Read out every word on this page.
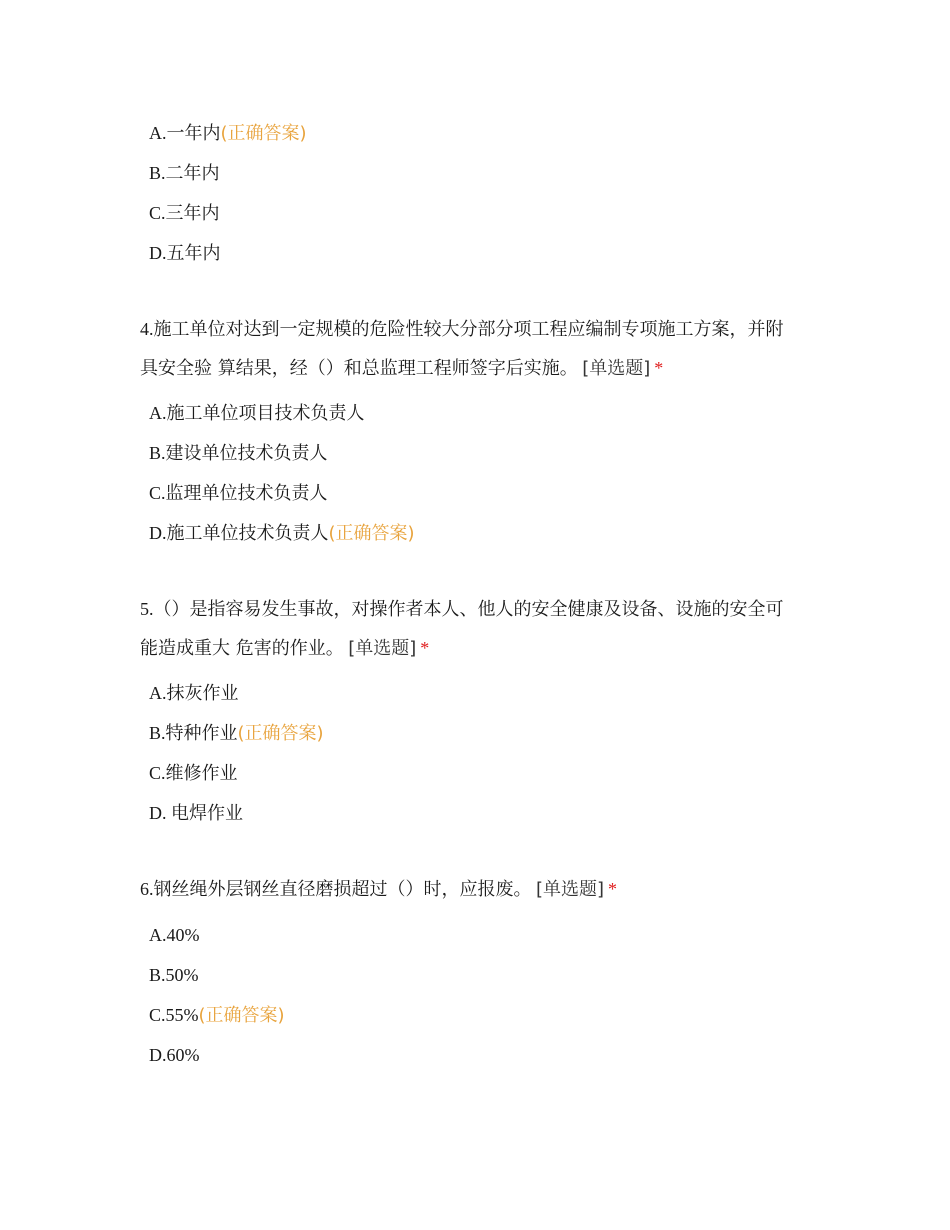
A.一年内(正确答案)
B.二年内
C.三年内
D.五年内
4.施工单位对达到一定规模的危险性较大分部分项工程应编制专项施工方案，并附
具安全验 算结果，经（）和总监理工程师签字后实施。 [单选题] *
A.施工单位项目技术负责人
B.建设单位技术负责人
C.监理单位技术负责人
D.施工单位技术负责人(正确答案)
5.（）是指容易发生事故，对操作者本人、他人的安全健康及设备、设施的安全可
能造成重大 危害的作业。 [单选题] *
A.抹灰作业
B.特种作业(正确答案)
C.维修作业
D. 电焊作业
6.钢丝绳外层钢丝直径磨损超过（）时，应报废。 [单选题] *
A.40%
B.50%
C.55%(正确答案)
D.60%
